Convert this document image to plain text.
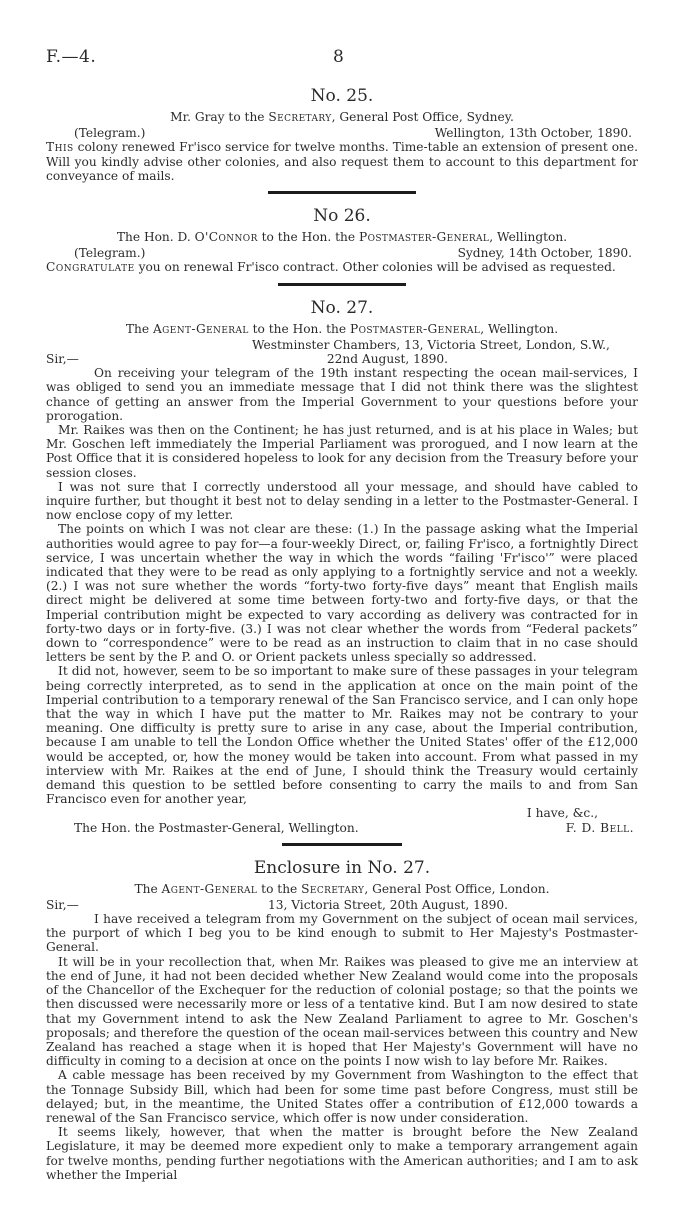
F.—4.	8
No. 25.
Mr. Gray to the Secretary, General Post Office, Sydney.
(Telegram.)	Wellington, 13th October, 1890.

This colony renewed Fr'isco service for twelve months. Time-table an extension of present one. Will you kindly advise other colonies, and also request them to account to this department for conveyance of mails.

No 26.
The Hon. D. O'Connor to the Hon. the Postmaster-General, Wellington.
(Telegram.)	Sydney, 14th October, 1890.

Congratulate you on renewal Fr'isco contract. Other colonies will be advised as requested.

No. 27.
The Agent-General to the Hon. the Postmaster-General, Wellington.
Westminster Chambers, 13, Victoria Street, London, S.W.,
Sir,—	22nd August, 1890.

On receiving your telegram of the 19th instant respecting the ocean mail-services, I was obliged to send you an immediate message that I did not think there was the slightest chance of getting an answer from the Imperial Government to your questions before your prorogation.

Mr. Raikes was then on the Continent; he has just returned, and is at his place in Wales; but Mr. Goschen left immediately the Imperial Parliament was prorogued, and I now learn at the Post Office that it is considered hopeless to look for any decision from the Treasury before your session closes.

I was not sure that I correctly understood all your message, and should have cabled to inquire further, but thought it best not to delay sending in a letter to the Postmaster-General. I now enclose copy of my letter.

The points on which I was not clear are these: (1.) In the passage asking what the Imperial authorities would agree to pay for—a four-weekly Direct, or, failing Fr'isco, a fortnightly Direct service, I was uncertain whether the way in which the words “failing 'Fr'isco'” were placed indicated that they were to be read as only applying to a fortnightly service and not a weekly. (2.) I was not sure whether the words “forty-two forty-five days” meant that English mails direct might be delivered at some time between forty-two and forty-five days, or that the Imperial contribution might be expected to vary according as delivery was contracted for in forty-two days or in forty-five. (3.) I was not clear whether the words from “Federal packets” down to “correspondence” were to be read as an instruction to claim that in no case should letters be sent by the P. and O. or Orient packets unless specially so addressed.

It did not, however, seem to be so important to make sure of these passages in your telegram being correctly interpreted, as to send in the application at once on the main point of the Imperial contribution to a temporary renewal of the San Francisco service, and I can only hope that the way in which I have put the matter to Mr. Raikes may not be contrary to your meaning. One difficulty is pretty sure to arise in any case, about the Imperial contribution, because I am unable to tell the London Office whether the United States' offer of the £12,000 would be accepted, or, how the money would be taken into account. From what passed in my interview with Mr. Raikes at the end of June, I should think the Treasury would certainly demand this question to be settled before consenting to carry the mails to and from San Francisco even for another year,

I have, &c.,
The Hon. the Postmaster-General, Wellington.	F. D. Bell.
Enclosure in No. 27.
The Agent-General to the Secretary, General Post Office, London.
Sir,—	13, Victoria Street, 20th August, 1890.

I have received a telegram from my Government on the subject of ocean mail services, the purport of which I beg you to be kind enough to submit to Her Majesty's Postmaster-General.

It will be in your recollection that, when Mr. Raikes was pleased to give me an interview at the end of June, it had not been decided whether New Zealand would come into the proposals of the Chancellor of the Exchequer for the reduction of colonial postage; so that the points we then discussed were necessarily more or less of a tentative kind. But I am now desired to state that my Government intend to ask the New Zealand Parliament to agree to Mr. Goschen's proposals; and therefore the question of the ocean mail-services between this country and New Zealand has reached a stage when it is hoped that Her Majesty's Government will have no difficulty in coming to a decision at once on the points I now wish to lay before Mr. Raikes.

A cable message has been received by my Government from Washington to the effect that the Tonnage Subsidy Bill, which had been for some time past before Congress, must still be delayed; but, in the meantime, the United States offer a contribution of £12,000 towards a renewal of the San Francisco service, which offer is now under consideration.

It seems likely, however, that when the matter is brought before the New Zealand Legislature, it may be deemed more expedient only to make a temporary arrangement again for twelve months, pending further negotiations with the American authorities; and I am to ask whether the Imperial
